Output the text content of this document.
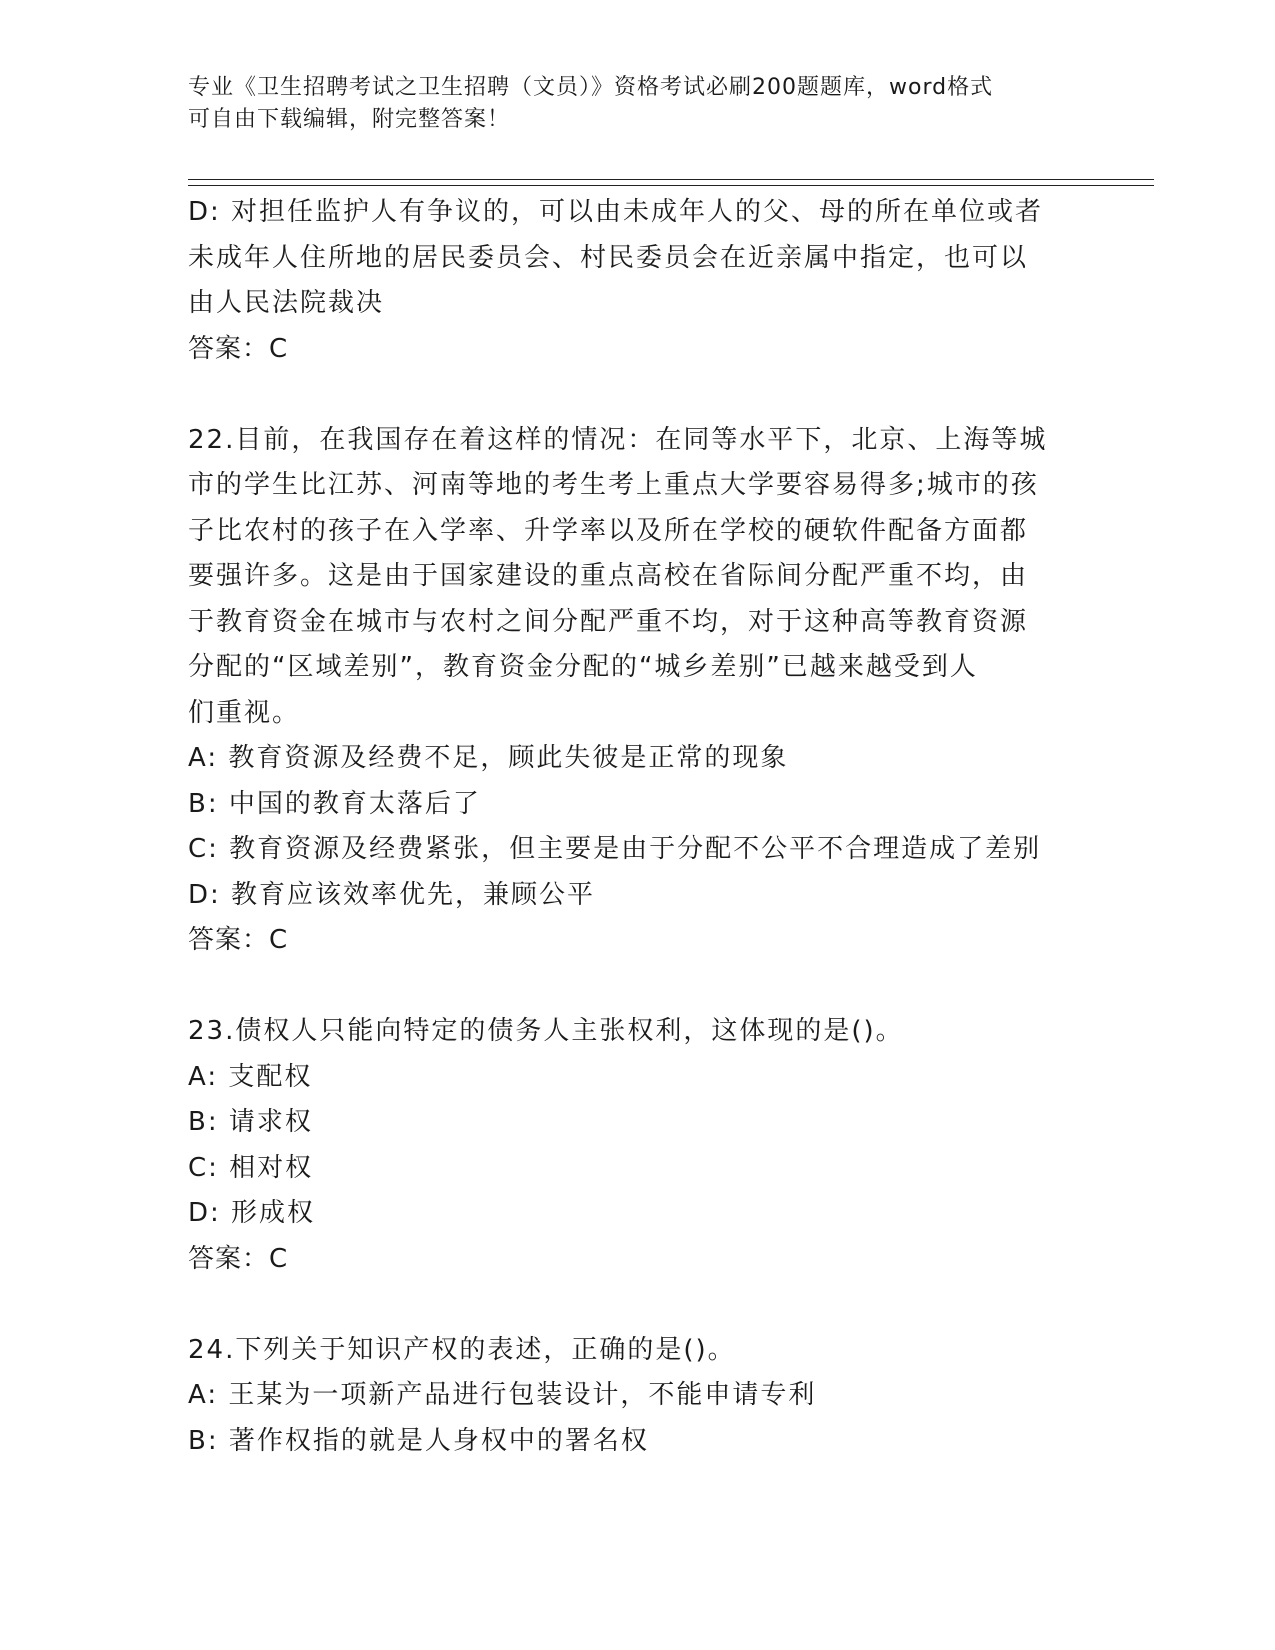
专业《卫生招聘考试之卫生招聘（文员）》资格考试必刷200题题库，word格式
可自由下载编辑，附完整答案！
D: 对担任监护人有争议的，可以由未成年人的父、母的所在单位或者
未成年人住所地的居民委员会、村民委员会在近亲属中指定，也可以
由人民法院裁决
答案：C
22.目前，在我国存在着这样的情况：在同等水平下，北京、上海等城
市的学生比江苏、河南等地的考生考上重点大学要容易得多;城市的孩
子比农村的孩子在入学率、升学率以及所在学校的硬软件配备方面都
要强许多。这是由于国家建设的重点高校在省际间分配严重不均，由
于教育资金在城市与农村之间分配严重不均，对于这种高等教育资源
分配的“区域差别”，教育资金分配的“城乡差别”已越来越受到人
们重视。
A: 教育资源及经费不足，顾此失彼是正常的现象
B: 中国的教育太落后了
C: 教育资源及经费紧张，但主要是由于分配不公平不合理造成了差别
D: 教育应该效率优先，兼顾公平
答案：C
23.债权人只能向特定的债务人主张权利，这体现的是()。
A: 支配权
B: 请求权
C: 相对权
D: 形成权
答案：C
24.下列关于知识产权的表述，正确的是()。
A: 王某为一项新产品进行包装设计，不能申请专利
B: 著作权指的就是人身权中的署名权
